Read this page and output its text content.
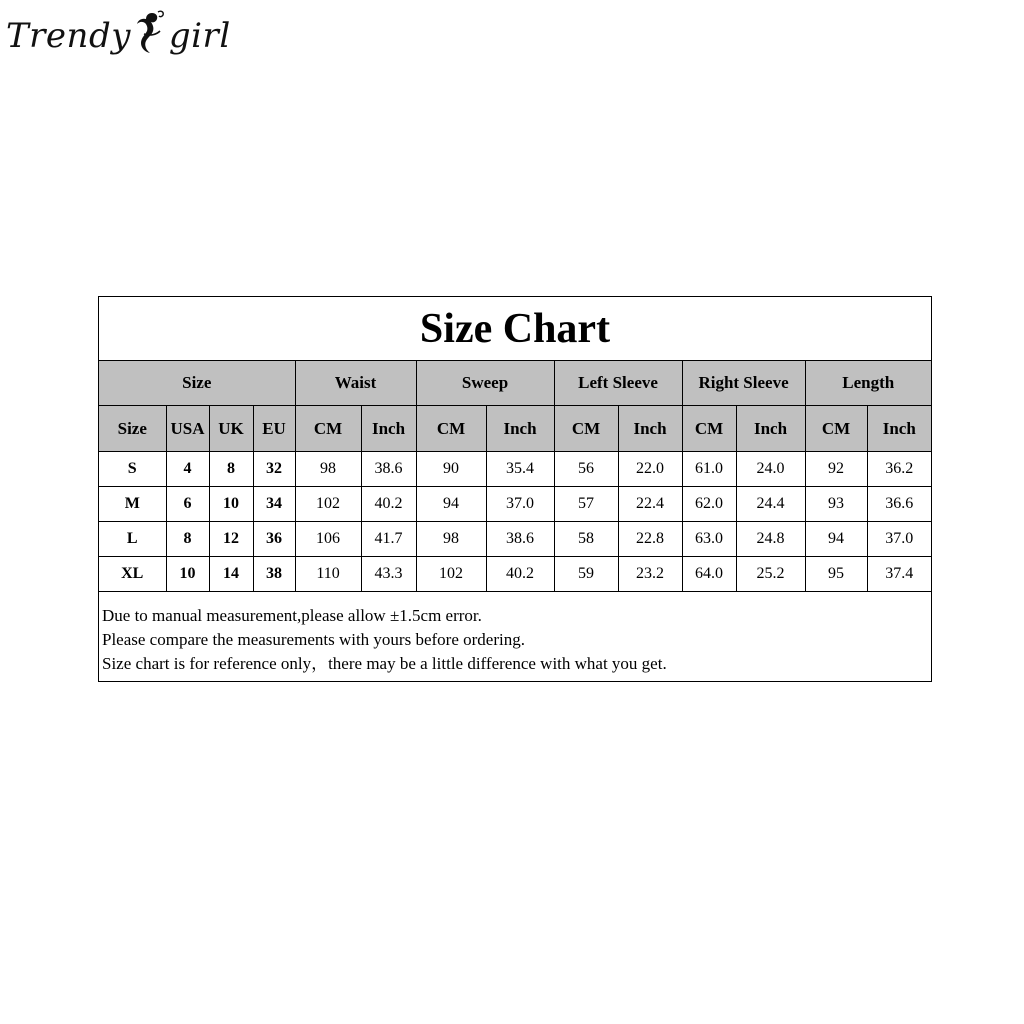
Trendy girl
Size Chart
Size				Waist		Sweep		Left Sleeve		Right Sleeve		Length	
Size	USA	UK	EU	CM	Inch	CM	Inch	CM	Inch	CM	Inch	CM	Inch
S	4	8	32	98	38.6	90	35.4	56	22.0	61.0	24.0	92	36.2
M	6	10	34	102	40.2	94	37.0	57	22.4	62.0	24.4	93	36.6
L	8	12	36	106	41.7	98	38.6	58	22.8	63.0	24.8	94	37.0
XL	10	14	38	110	43.3	102	40.2	59	23.2	64.0	25.2	95	37.4
Due to manual measurement,please allow ±1.5cm error.
Please compare the measurements with yours before ordering.
Size chart is for reference only，there may be a little difference with what you get.
